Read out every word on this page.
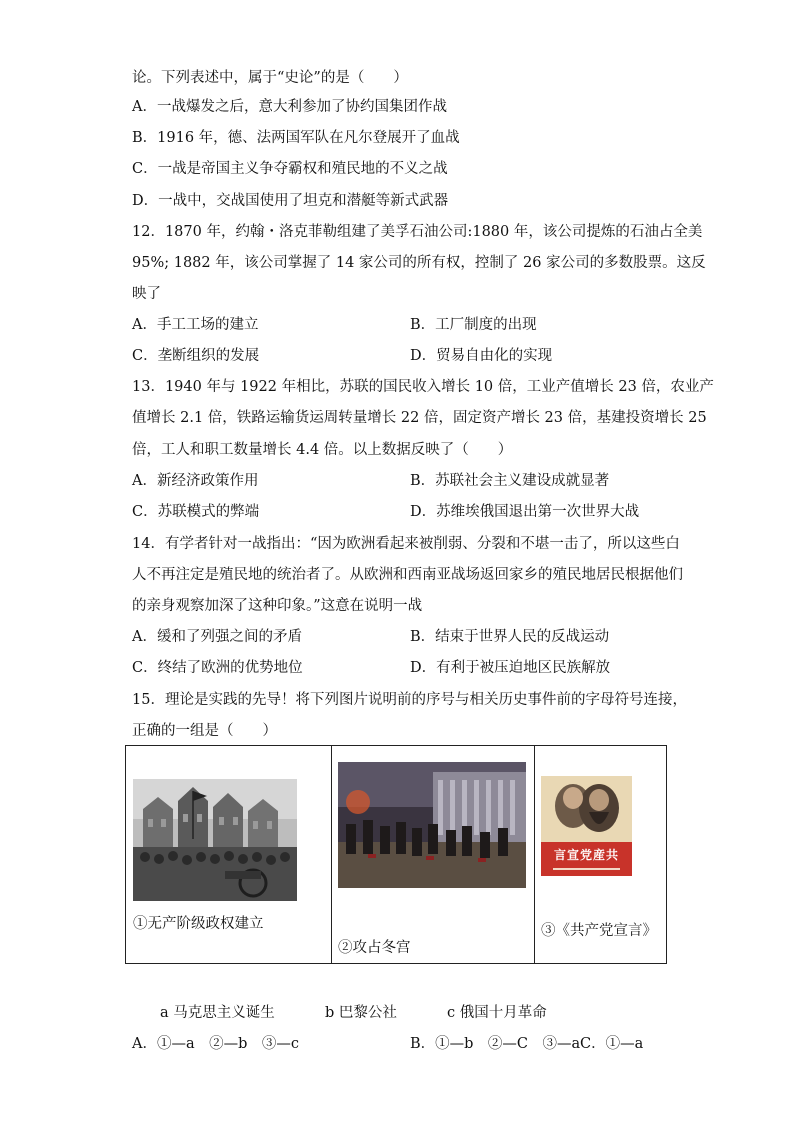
论。下列表述中，属于“史论”的是（　　）
A．一战爆发之后，意大利参加了协约国集团作战
B．1916 年，德、法两国军队在凡尔登展开了血战
C．一战是帝国主义争夺霸权和殖民地的不义之战
D．一战中，交战国使用了坦克和潜艇等新式武器
12．1870 年，约翰・洛克菲勒组建了美孚石油公司:1880 年，该公司提炼的石油占全美
95%; 1882 年，该公司掌握了 14 家公司的所有权，控制了 26 家公司的多数股票。这反
映了
A．手工工场的建立	B．工厂制度的出现
C．垄断组织的发展	D．贸易自由化的实现
13．1940 年与 1922 年相比，苏联的国民收入增长 10 倍，工业产值增长 23 倍，农业产
值增长 2.1 倍，铁路运输货运周转量增长 22 倍，固定资产增长 23 倍，基建投资增长 25
倍，工人和职工数量增长 4.4 倍。以上数据反映了（　　）
A．新经济政策作用	B．苏联社会主义建设成就显著
C．苏联模式的弊端	D．苏维埃俄国退出第一次世界大战
14．有学者针对一战指出：“因为欧洲看起来被削弱、分裂和不堪一击了，所以这些白
人不再注定是殖民地的统治者了。从欧洲和西南亚战场返回家乡的殖民地居民根据他们
的亲身观察加深了这种印象。”这意在说明一战
A．缓和了列强之间的矛盾	B．结束于世界人民的反战运动
C．终结了欧洲的优势地位	D．有利于被压迫地区民族解放
15．理论是实践的先导！将下列图片说明前的序号与相关历史事件前的字母符号连接，
正确的一组是（　　）
①无产阶级政权建立
②攻占冬宫
言宣党産共
③《共产党宣言》
a 马克思主义诞生	b 巴黎公社	c 俄国十月革命
A．①—a　②—b　③—c	B．①—b　②—C　③—a C．①—a
